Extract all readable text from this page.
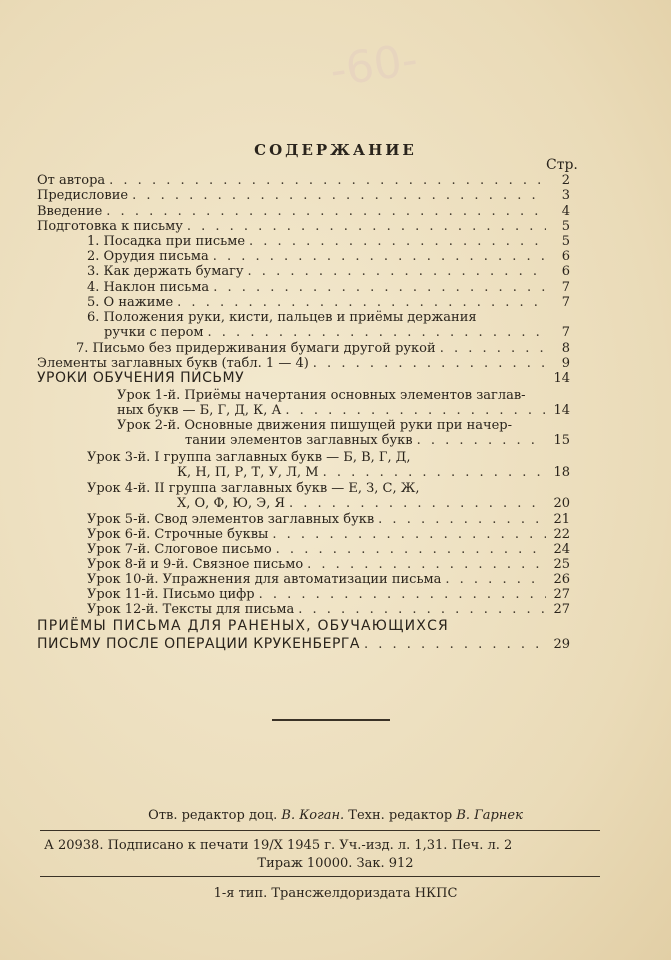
-60-
СОДЕРЖАНИЕ
Стр.
От автора . . .	2
Предисловие . . .	3
Введение . . .	4
Подготовка к письму . . .	5
1. Посадка при письме . . .	5
2. Орудия письма . . .	6
3. Как держать бумагу . . .	6
4. Наклон письма . . .	7
5. О нажиме . . .	7
6. Положения руки, кисти, пальцев и приёмы держания
ручки с пером . . .	7
7. Письмо без придерживания бумаги другой рукой . . .	8
Элементы заглавных букв (табл. 1 — 4) . . .	9
УРОКИ ОБУЧЕНИЯ ПИСЬМУ	14
Урок 1-й. Приёмы начертания основных элементов заглав-
ных букв — Б, Г, Д, К, А . . .	14
Урок 2-й. Основные движения пишущей руки при начер-
тании элементов заглавных букв . . .	15
Урок 3-й. I группа заглавных букв — Б, В, Г, Д,
К, Н, П, Р, Т, У, Л, М . . .	18
Урок 4-й. II группа заглавных букв — Е, З, С, Ж,
Х, О, Ф, Ю, Э, Я . . .	20
Урок 5-й. Свод элементов заглавных букв . . .	21
Урок 6-й. Строчные буквы . . .	22
Урок 7-й. Слоговое письмо . . .	24
Урок 8-й и 9-й. Связное письмо . . .	25
Урок 10-й. Упражнения для автоматизации письма . . .	26
Урок 11-й. Письмо цифр . . .	27
Урок 12-й. Тексты для письма . . .	27
ПРИЁМЫ ПИСЬМА ДЛЯ РАНЕНЫХ, ОБУЧАЮЩИХСЯ
ПИСЬМУ ПОСЛЕ ОПЕРАЦИИ КРУКЕНБЕРГА . . .	29
Отв. редактор доц. В. Коган. Техн. редактор В. Гарнек
А 20938. Подписано к печати 19/X 1945 г. Уч.-изд. л. 1,31. Печ. л. 2
Тираж 10000. Зак. 912
1-я тип. Трансжелдориздата НКПС
